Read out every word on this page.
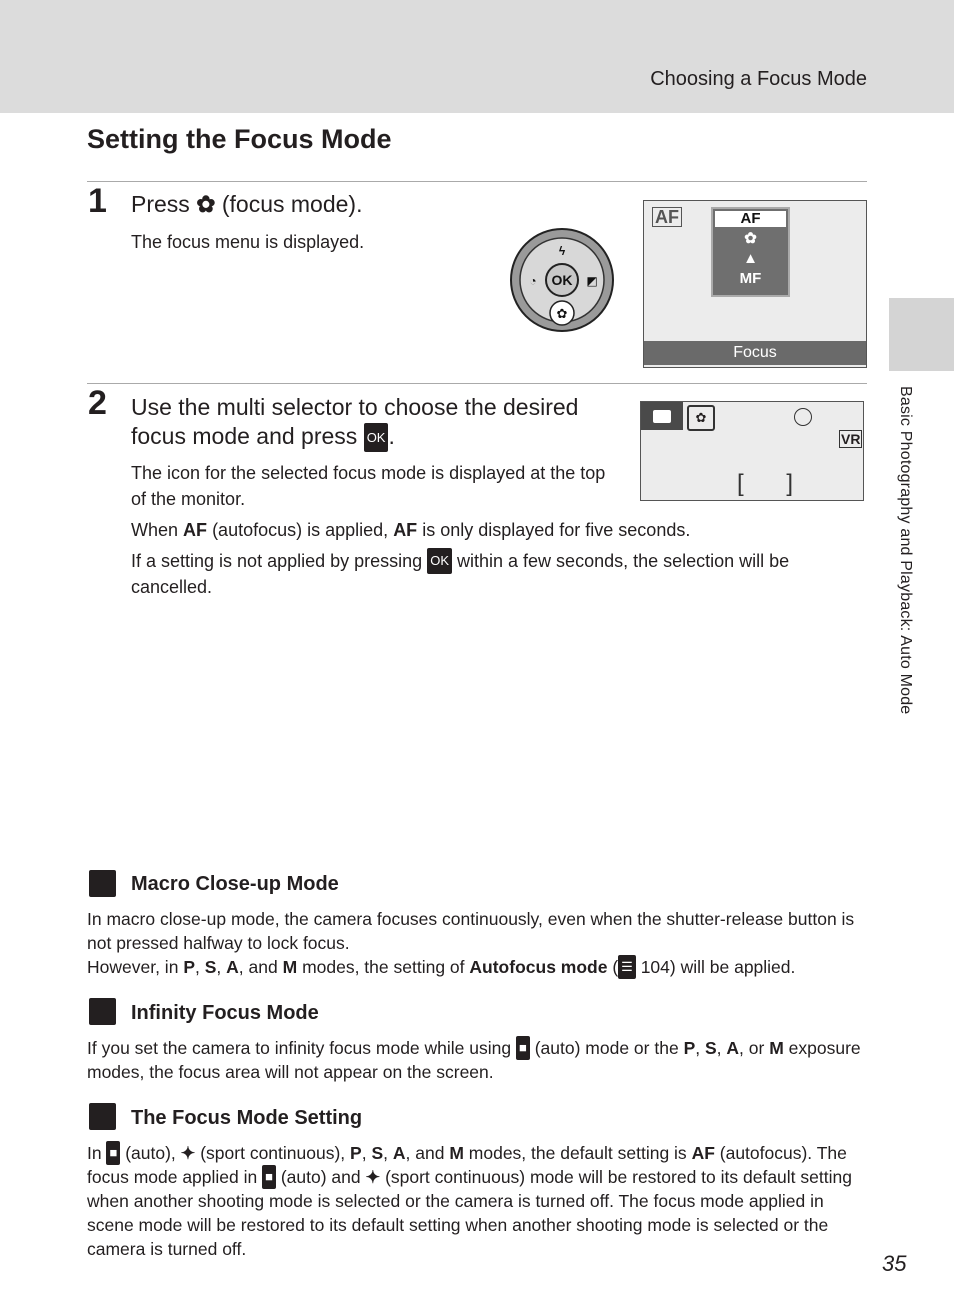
Choosing a Focus Mode
Basic Photography and Playback: Auto Mode
Setting the Focus Mode
1 Press ✿ (focus mode).
The focus menu is displayed.
OK
ϟ
◔	◩
✿
AF	AF
✿
▲
MF
Focus
2 Use the multi selector to choose the desired
focus mode and press OK .
The icon for the selected focus mode is displayed at the top of the monitor.
When AF (autofocus) is applied, AF is only displayed for five seconds.
If a setting is not applied by pressing OK within a few seconds, the selection will be cancelled.
✿
VR
[ ]
Macro Close-up Mode
In macro close-up mode, the camera focuses continuously, even when the shutter-release button is not pressed halfway to lock focus.
However, in P, S, A, and M modes, the setting of Autofocus mode ( ☰ 104) will be applied.
Infinity Focus Mode
If you set the camera to infinity focus mode while using ■ (auto) mode or the P, S, A, or M exposure modes, the focus area will not appear on the screen.
The Focus Mode Setting
In ■ (auto), ✦ (sport continuous), P, S, A, and M modes, the default setting is AF (autofocus). The focus mode applied in ■ (auto) and ✦ (sport continuous) mode will be restored to its default setting when another shooting mode is selected or the camera is turned off. The focus mode applied in scene mode will be restored to its default setting when another shooting mode is selected or the camera is turned off.
35
